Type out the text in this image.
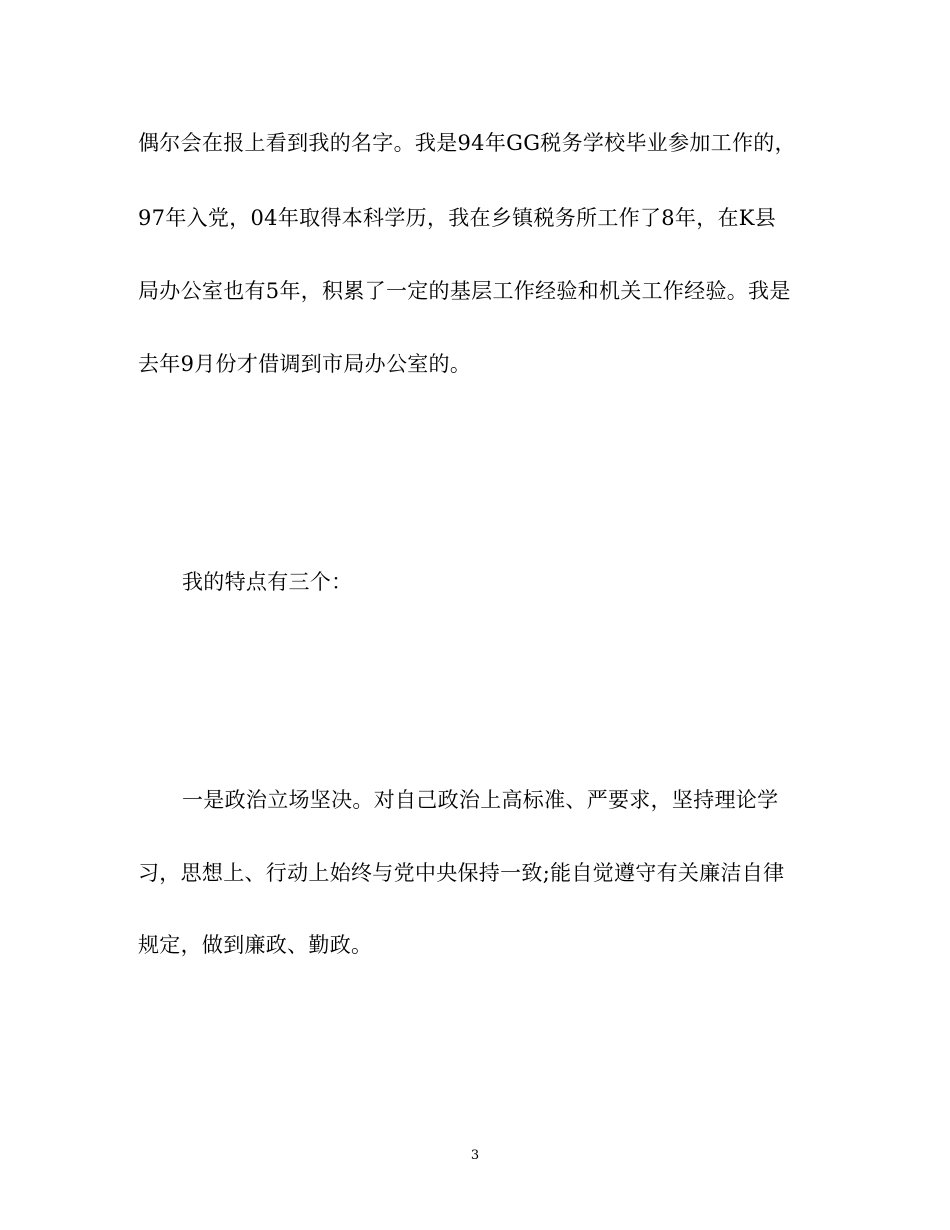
偶尔会在报上看到我的名字。我是94年GG税务学校毕业参加工作的，
97年入党，04年取得本科学历，我在乡镇税务所工作了8年，在K县
局办公室也有5年，积累了一定的基层工作经验和机关工作经验。我是
去年9月份才借调到市局办公室的。
我的特点有三个：
一是政治立场坚决。对自己政治上高标准、严要求，坚持理论学
习，思想上、行动上始终与党中央保持一致;能自觉遵守有关廉洁自律
规定，做到廉政、勤政。
3
